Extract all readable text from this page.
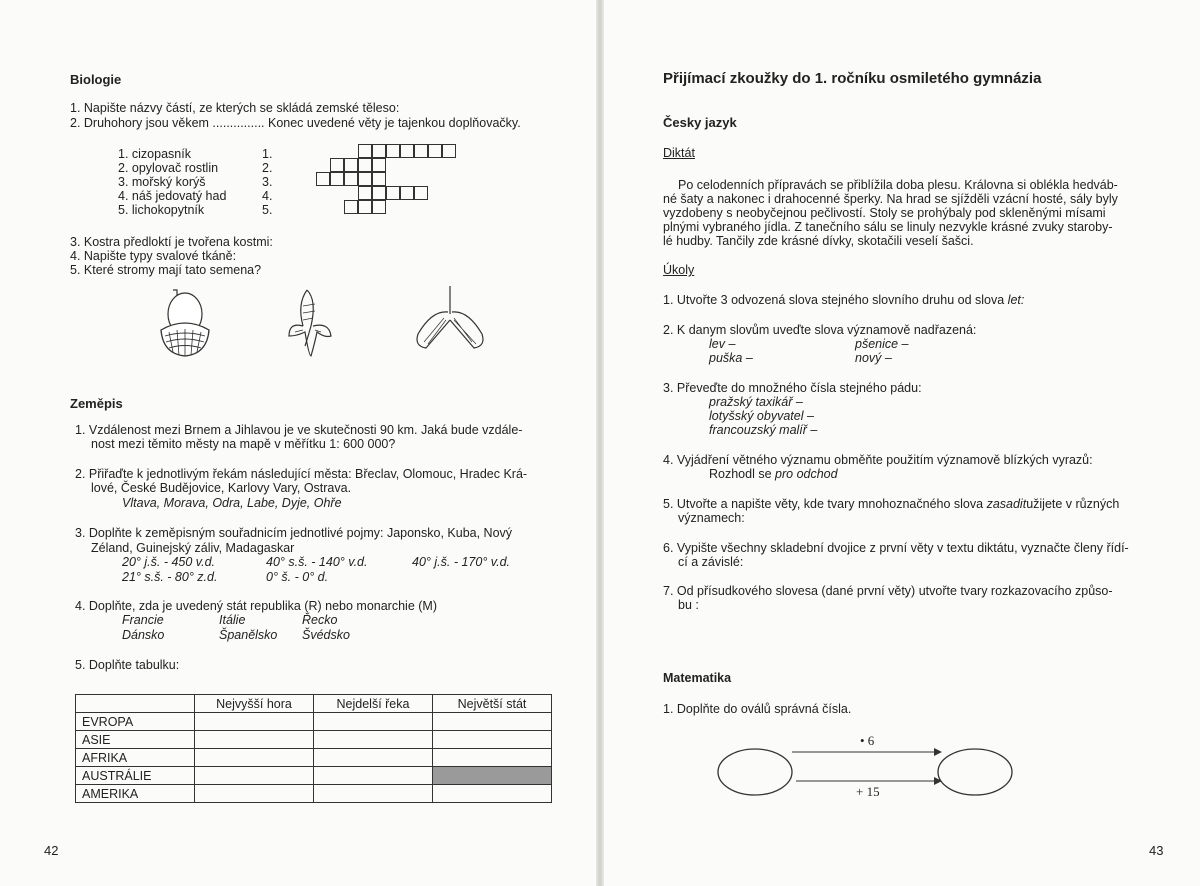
Biologie
1. Napište názvy částí, ze kterých se skládá zemské těleso:
2. Druhohory jsou věkem ............... Konec uvedené věty je tajenkou doplňovačky.
1. cizopasník
2. opylovač rostlin
3. mořský korýš
4. náš jedovatý had
5. lichokopytník
1.
2.
3.
4.
5.
3. Kostra předloktí je tvořena kostmi:
4. Napište typy svalové tkáně:
5. Které stromy mají tato semena?
Zeměpis
1. Vzdálenost mezi Brnem a Jihlavou je ve skutečnosti 90 km. Jaká bude vzdále-
nost mezi těmito městy na mapě v měřítku 1: 600 000?
2. Přiřaďte k jednotlivým řekám následující města: Břeclav, Olomouc, Hradec Krá-
lové, České Budějovice, Karlovy Vary, Ostrava.
Vltava, Morava, Odra, Labe, Dyje, Ohře
3. Doplňte k zeměpisným souřadnicím jednotlivé pojmy: Japonsko, Kuba, Nový
Zéland, Guinejský záliv, Madagaskar
20° j.š. - 450 v.d.	40° s.š. - 140° v.d.	40° j.š. - 170° v.d.
21° s.š. - 80° z.d.	0° š. - 0° d.
4. Doplňte, zda je uvedený stát republika (R) nebo monarchie (M)
Francie	Itálie	Řecko
Dánsko	Španělsko Švédsko
5. Doplňte tabulku:
	Nejvyšší hora	Nejdelší řeka	Největší stát
EVROPA			
ASIE			
AFRIKA			
AUSTRÁLIE			
AMERIKA			
42
Přijímací zkoužky do 1. ročníku osmiletého gymnázia
Česky jazyk
Diktát
Po celodenních přípravách se přiblížila doba plesu. Královna si oblékla hedváb-
né šaty a nakonec i drahocenné šperky. Na hrad se sjížděli vzácní hosté, sály byly
vyzdobeny s neobyčejnou pečlivostí. Stoly se prohýbaly pod skleněnými mísami
plnými vybraného jídla. Z tanečního sálu se linuly nezvykle krásné zvuky staroby-
lé hudby. Tančily zde krásné dívky, skotačili veselí šašci.
Úkoly
1. Utvořte 3 odvozená slova stejného slovního druhu od slova let:
2. K danym slovům uveďte slova významově nadřazená:
lev –	pšenice –
puška –	nový –
3. Převeďte do množného čísla stejného pádu:
pražský taxikář –
lotyšský obyvatel –
francouzský malíř –
4. Vyjádření větného významu obměňte použitím významově blízkých vyrazů:
Rozhodl se pro odchod
5. Utvořte a napište věty, kde tvary mnohoznačného slova zasaditužijete v různých
významech:
6. Vypište všechny skladební dvojice z první věty v textu diktátu, vyznačte členy řídí-
cí a závislé:
7. Od přísudkového slovesa (dané první věty) utvořte tvary rozkazovacího způso-
bu :
Matematika
1. Doplňte do oválů správná čísla.
• 6
+ 15
43
